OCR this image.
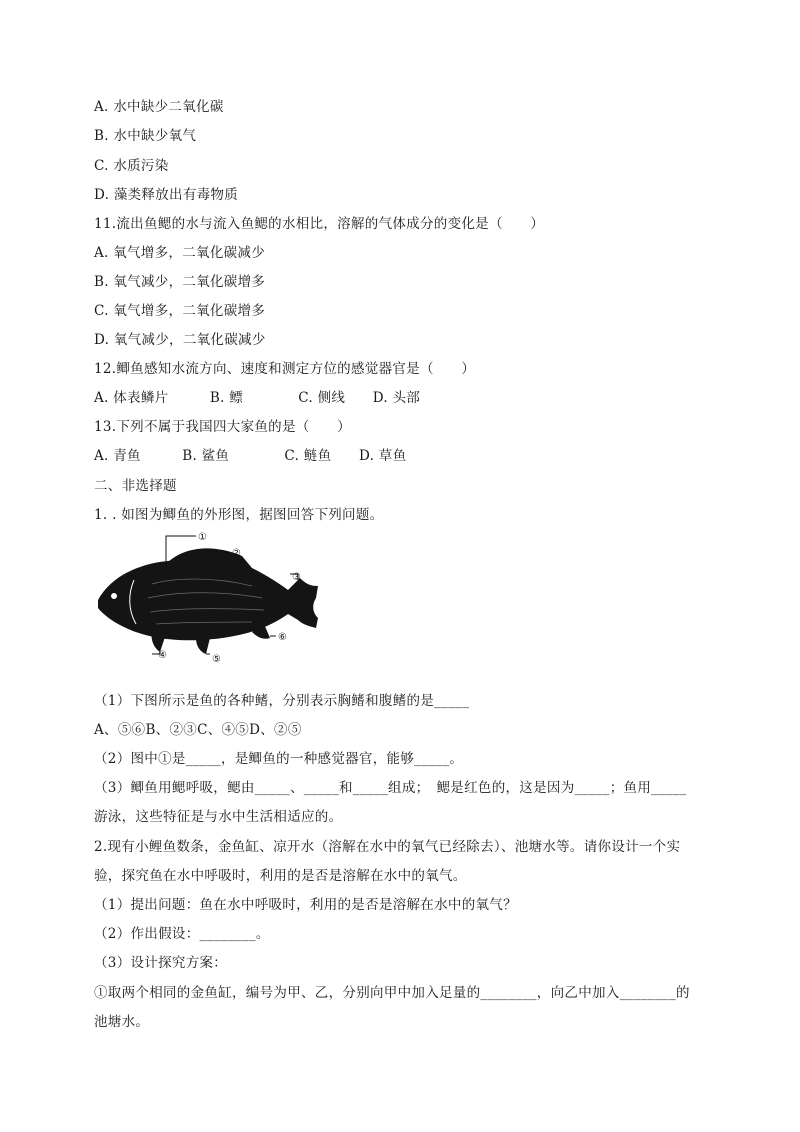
A. 水中缺少二氧化碳
B. 水中缺少氧气
C. 水质污染
D. 藻类释放出有毒物质
11.流出鱼鳃的水与流入鱼鳃的水相比，溶解的气体成分的变化是（　　）
A. 氧气增多，二氧化碳减少
B. 氧气减少，二氧化碳增多
C. 氧气增多，二氧化碳增多
D. 氧气减少，二氧化碳减少
12.鲫鱼感知水流方向、速度和测定方位的感觉器官是（　　）
A. 体表鳞片　　　B. 鳔　　　　C. 侧线　　D. 头部
13.下列不属于我国四大家鱼的是（　　）
A. 青鱼　　　B. 鲨鱼　　　　C. 鲢鱼　　D. 草鱼
二、非选择题
1. . 如图为鲫鱼的外形图，据图回答下列问题。
①
②
③
④	⑤
⑥
（1）下图所示是鱼的各种鳍，分别表示胸鳍和腹鳍的是_____
A、⑤⑥B、②③C、④⑤D、②⑤
（2）图中①是_____，是鲫鱼的一种感觉器官，能够_____。
（3）鲫鱼用鳃呼吸，鳃由_____、_____和_____组成；　鳃是红色的，这是因为_____；鱼用_____
游泳，这些特征是与水中生活相适应的。
2.现有小鲤鱼数条，金鱼缸、凉开水（溶解在水中的氧气已经除去）、池塘水等。请你设计一个实
验，探究鱼在水中呼吸时，利用的是否是溶解在水中的氧气。
（1）提出问题：鱼在水中呼吸时，利用的是否是溶解在水中的氧气？
（2）作出假设：________。
（3）设计探究方案：
①取两个相同的金鱼缸，编号为甲、乙，分别向甲中加入足量的________，向乙中加入________的
池塘水。
